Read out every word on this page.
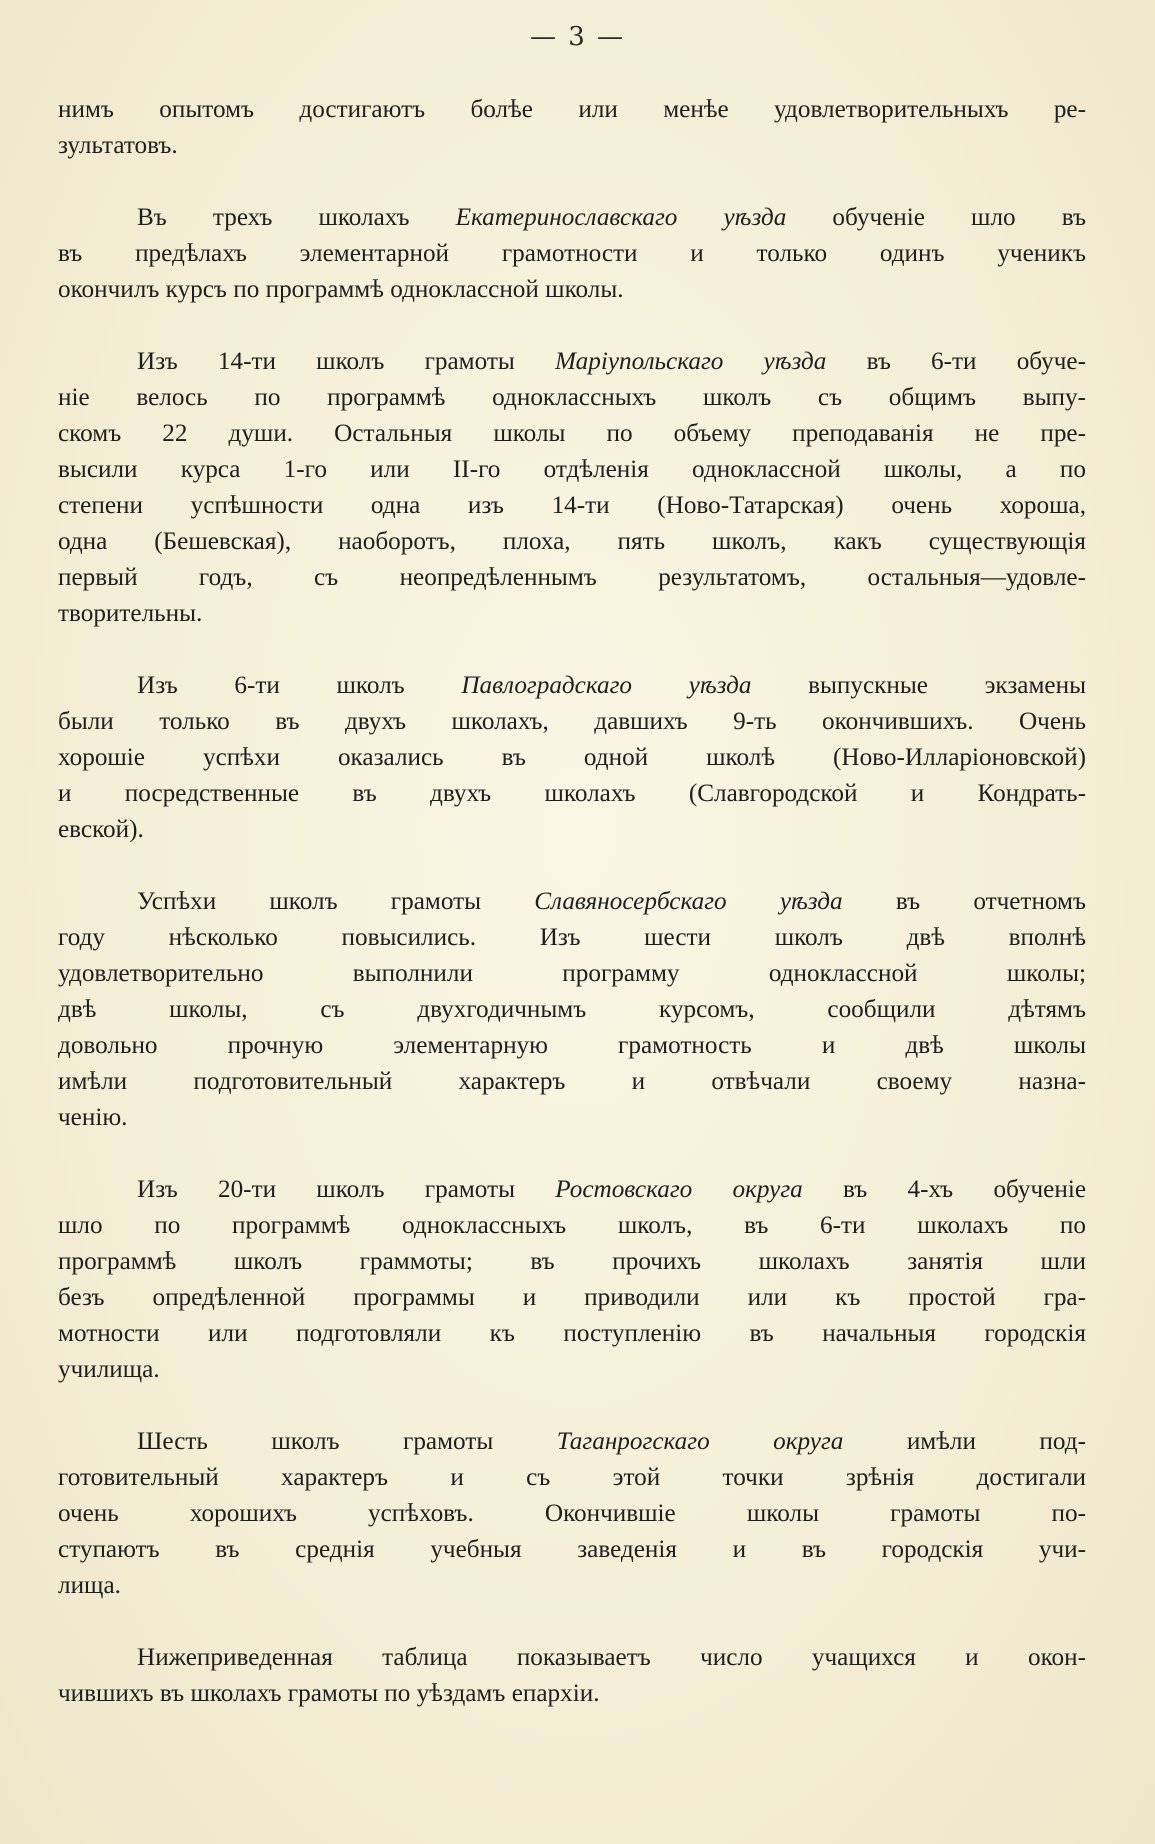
— 3 —
нимъ опытомъ достигаютъ болѣе или менѣе удовлетворительныхъ ре-
зультатовъ.
Въ трехъ школахъ Екатеринославскаго уѣзда обученіе шло въ
въ предѣлахъ элементарной грамотности и только одинъ ученикъ
окончилъ курсъ по программѣ одноклассной школы.
Изъ 14-ти школъ грамоты Маріупольскаго уѣзда въ 6-ти обуче-
ніе велось по программѣ одноклассныхъ школъ съ общимъ выпу-
скомъ 22 души. Остальныя школы по объему преподаванія не пре-
высили курса 1-го или II-го отдѣленія одноклассной школы, а по
степени успѣшности одна изъ 14-ти (Ново-Татарская) очень хороша,
одна (Бешевская), наоборотъ, плоха, пять школъ, какъ существующія
первый годъ, съ неопредѣленнымъ результатомъ, остальныя—удовле-
творительны.
Изъ 6-ти школъ Павлоградскаго уѣзда выпускные экзамены
были только въ двухъ школахъ, давшихъ 9-ть окончившихъ. Очень
хорошіе успѣхи оказались въ одной школѣ (Ново-Илларіоновской)
и посредственные въ двухъ школахъ (Славгородской и Кондрать-
евской).
Успѣхи школъ грамоты Славяносербскаго уѣзда въ отчетномъ
году нѣсколько повысились. Изъ шести школъ двѣ вполнѣ
удовлетворительно выполнили программу одноклассной школы;
двѣ школы, съ двухгодичнымъ курсомъ, сообщили дѣтямъ
довольно прочную элементарную грамотность и двѣ школы
имѣли подготовительный характеръ и отвѣчали своему назна-
ченію.
Изъ 20-ти школъ грамоты Ростовскаго округа въ 4-хъ обученіе
шло по программѣ одноклассныхъ школъ, въ 6-ти школахъ по
программѣ школъ граммоты; въ прочихъ школахъ занятія шли
безъ опредѣленной программы и приводили или къ простой гра-
мотности или подготовляли къ поступленію въ начальныя городскія
училища.
Шесть школъ грамоты Таганрогскаго округа имѣли под-
готовительный характеръ и съ этой точки зрѣнія достигали
очень хорошихъ успѣховъ. Окончившіе школы грамоты по-
ступаютъ въ среднія учебныя заведенія и въ городскія учи-
лища.
Нижеприведенная таблица показываетъ число учащихся и окон-
чившихъ въ школахъ грамоты по уѣздамъ епархіи.
